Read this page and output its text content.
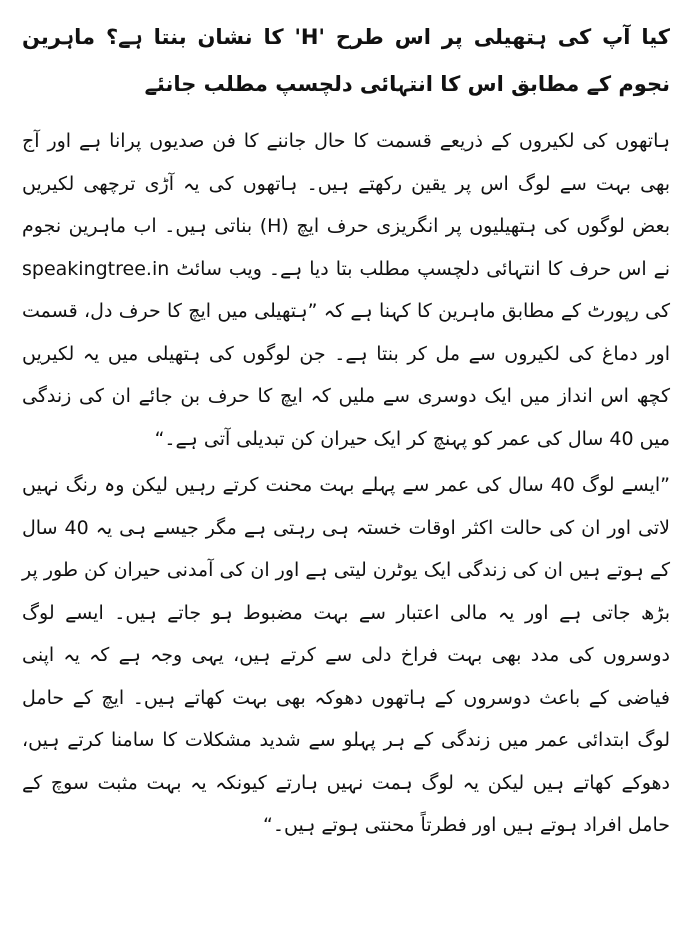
کیا آپ کی ہتھیلی پر اس طرح 'H' کا نشان بنتا ہے؟ ماہرین نجوم کے مطابق اس کا انتہائی دلچسپ مطلب جانئے

ہاتھوں کی لکیروں کے ذریعے قسمت کا حال جاننے کا فن صدیوں پرانا ہے اور آج بھی بہت سے لوگ اس پر یقین رکھتے ہیں۔ ہاتھوں کی یہ آڑی ترچھی لکیریں بعض لوگوں کی ہتھیلیوں پر انگریزی حرف ایچ (H) بناتی ہیں۔ اب ماہرین نجوم نے اس حرف کا انتہائی دلچسپ مطلب بتا دیا ہے۔ ویب سائٹ speakingtree.in کی رپورٹ کے مطابق ماہرین کا کہنا ہے کہ ”ہتھیلی میں ایچ کا حرف دل، قسمت اور دماغ کی لکیروں سے مل کر بنتا ہے۔ جن لوگوں کی ہتھیلی میں یہ لکیریں کچھ اس انداز میں ایک دوسری سے ملیں کہ ایچ کا حرف بن جائے ان کی زندگی میں 40 سال کی عمر کو پہنچ کر ایک حیران کن تبدیلی آتی ہے۔“

”ایسے لوگ 40 سال کی عمر سے پہلے بہت محنت کرتے رہیں لیکن وہ رنگ نہیں لاتی اور ان کی حالت اکثر اوقات خستہ ہی رہتی ہے مگر جیسے ہی یہ 40 سال کے ہوتے ہیں ان کی زندگی ایک یوٹرن لیتی ہے اور ان کی آمدنی حیران کن طور پر بڑھ جاتی ہے اور یہ مالی اعتبار سے بہت مضبوط ہو جاتے ہیں۔ ایسے لوگ دوسروں کی مدد بھی بہت فراخ دلی سے کرتے ہیں، یہی وجہ ہے کہ یہ اپنی فیاضی کے باعث دوسروں کے ہاتھوں دھوکہ بھی بہت کھاتے ہیں۔ ایچ کے حامل لوگ ابتدائی عمر میں زندگی کے ہر پہلو سے شدید مشکلات کا سامنا کرتے ہیں، دھوکے کھاتے ہیں لیکن یہ لوگ ہمت نہیں ہارتے کیونکہ یہ بہت مثبت سوچ کے حامل افراد ہوتے ہیں اور فطرتاً محنتی ہوتے ہیں۔“
